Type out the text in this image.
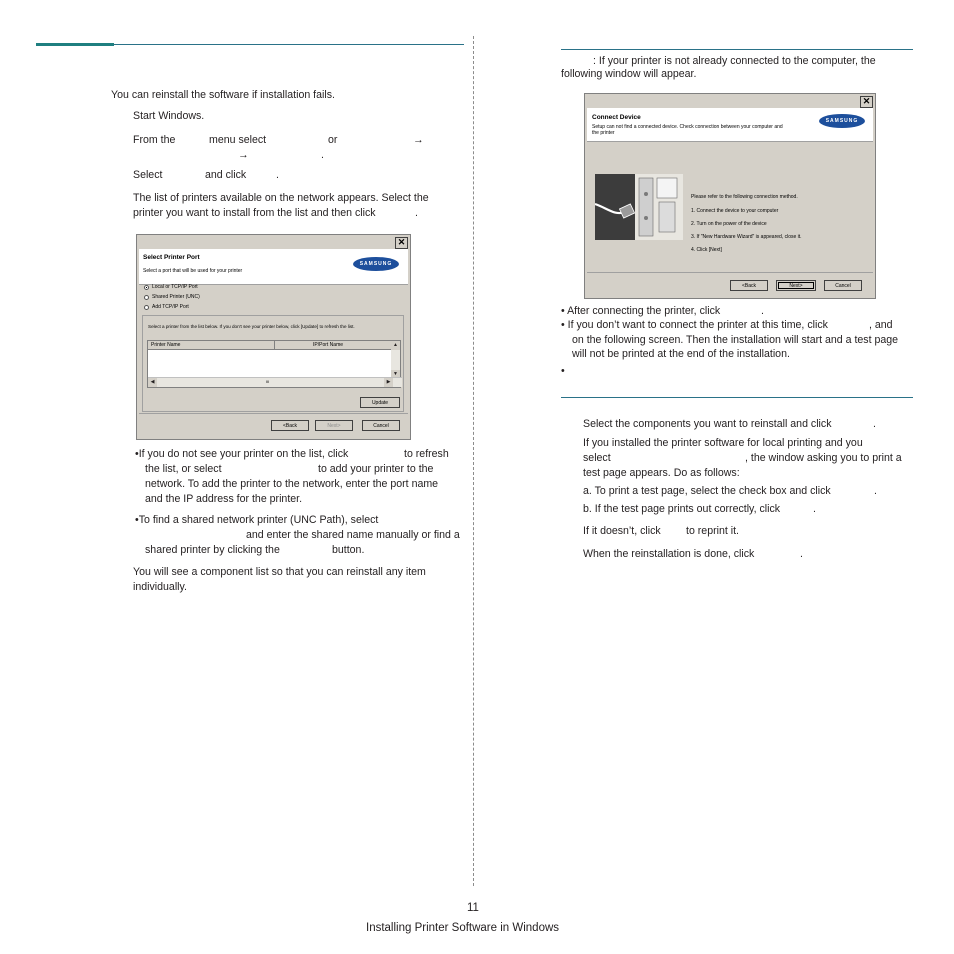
You can reinstall the software if installation fails.
Start Windows.
From the	menu select	or	→
→	.
Select	and click	.
The list of printers available on the network appears. Select the
printer you want to install from the list and then click	.
✕
Select Printer Port
Select a port that will be used for your printer
SAMSUNG
Local or TCP/IP Port
Shared Printer (UNC)
Add TCP/IP Port
Select a printer from the list below. If you don't see your printer below, click [Update] to refresh the list.
Printer Name	IP/Port Name	▲
▼
◀	III	▶
Update
<Back	Next>	Cancel
•If you do not see your printer on the list, click	to refresh
the list, or select	to add your printer to the
network. To add the printer to the network, enter the port name
and the IP address for the printer.
•To find a shared network printer (UNC Path), select
and enter the shared name manually or find a
shared printer by clicking the	button.
You will see a component list so that you can reinstall any item
individually.
: If your printer is not already connected to the computer, the
following window will appear.
✕
Connect Device
Setup can not find a connected device. Check connection between your computer and
the printer
SAMSUNG
Please refer to the following connection method.
1. Connect the device to your computer
2. Turn on the power of the device
3. If "New Hardware Wizard" is appeared, close it.
4. Click [Next]
<Back	Next>	Cancel
• After connecting the printer, click	.
• If you don’t want to connect the printer at this time, click	, and
on the following screen. Then the installation will start and a test page
will not be printed at the end of the installation.
•
Select the components you want to reinstall and click	.
If you installed the printer software for local printing and you
select	, the window asking you to print a
test page appears. Do as follows:
a. To print a test page, select the check box and click	.
b. If the test page prints out correctly, click	.
If it doesn’t, click to reprint it.
When the reinstallation is done, click	.
11
Installing Printer Software in Windows
